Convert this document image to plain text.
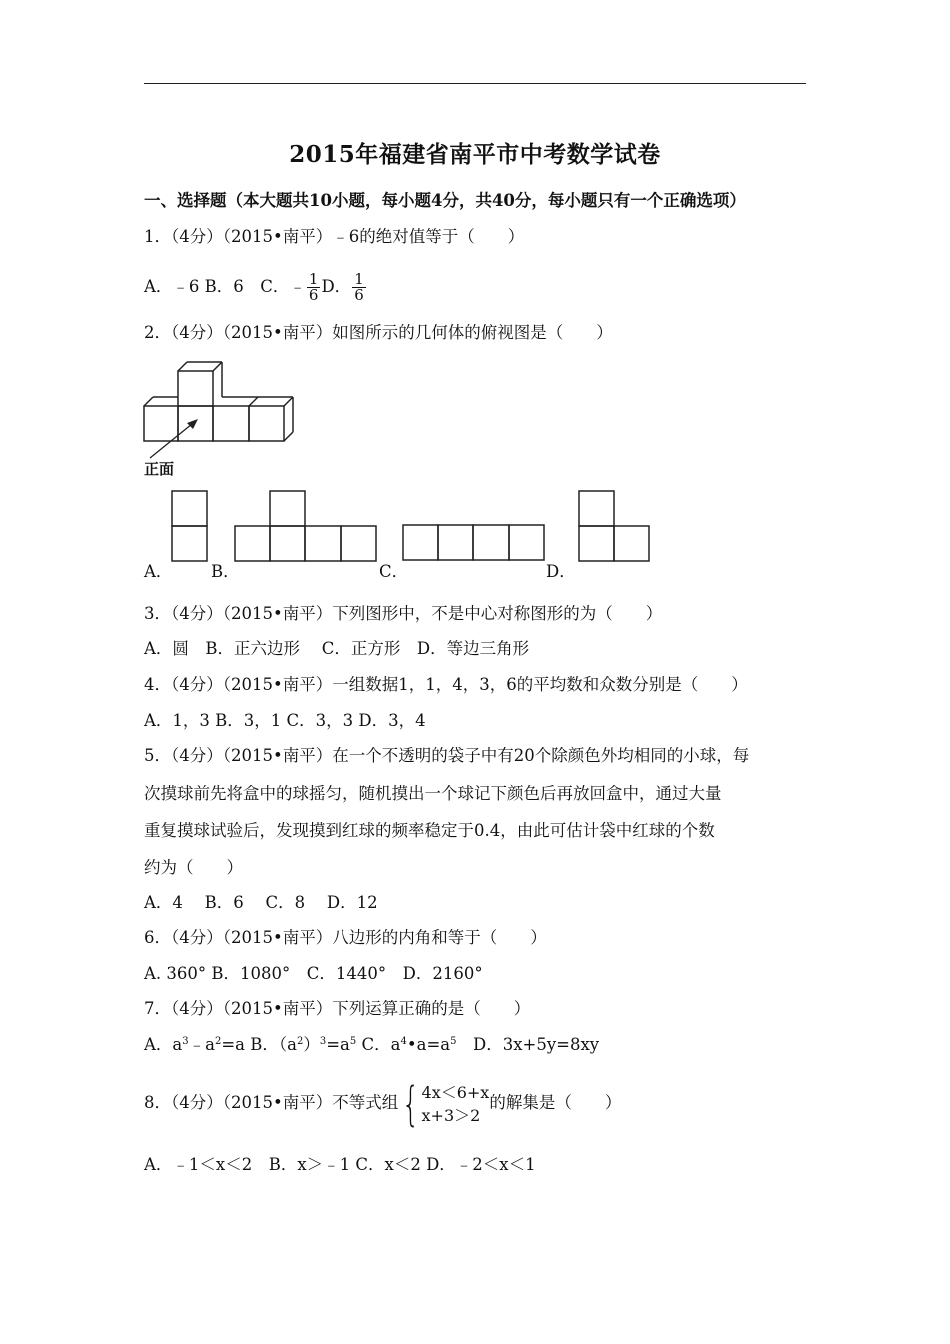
2015年福建省南平市中考数学试卷
一、选择题（本大题共10小题，每小题4分，共40分，每小题只有一个正确选项）
1．（4分）（2015•南平）﹣6的绝对值等于（　　）
A．﹣6 B．6　C．﹣ $\frac{1}{6}$ D． $\frac{1}{6}$
2．（4分）（2015•南平）如图所示的几何体的俯视图是（　　）
正面
A． B．	C．	D．
3．（4分）（2015•南平）下列图形中，不是中心对称图形的为（　　）
A．圆　B．正六边形　 C．正方形　D．等边三角形
4．（4分）（2015•南平）一组数据1，1，4，3，6的平均数和众数分别是（　　）
A．1，3 B．3，1 C．3，3 D．3，4
5．（4分）（2015•南平）在一个不透明的袋子中有20个除颜色外均相同的小球，每
次摸球前先将盒中的球摇匀，随机摸出一个球记下颜色后再放回盒中，通过大量
重复摸球试验后，发现摸到红球的频率稳定于0.4，由此可估计袋中红球的个数
约为（　　）
A．4　 B．6　 C．8　 D．12
6．（4分）（2015•南平）八边形的内角和等于（　　）
A. 360° B．1080°　C．1440°　D．2160°
7．（4分）（2015•南平）下列运算正确的是（　　）
A．$a^3﹣a^2=a$ B．$(a^2)^3=a^5$ C．$a^4•a=a^5$　D．3x+5y=8xy
8．（4分）（2015•南平）不等式组 { 4x＜6+x
x+3＞2
的解集是（　　）
A．﹣1＜x＜2　B．x＞﹣1 C．x＜2 D．﹣2＜x＜1
